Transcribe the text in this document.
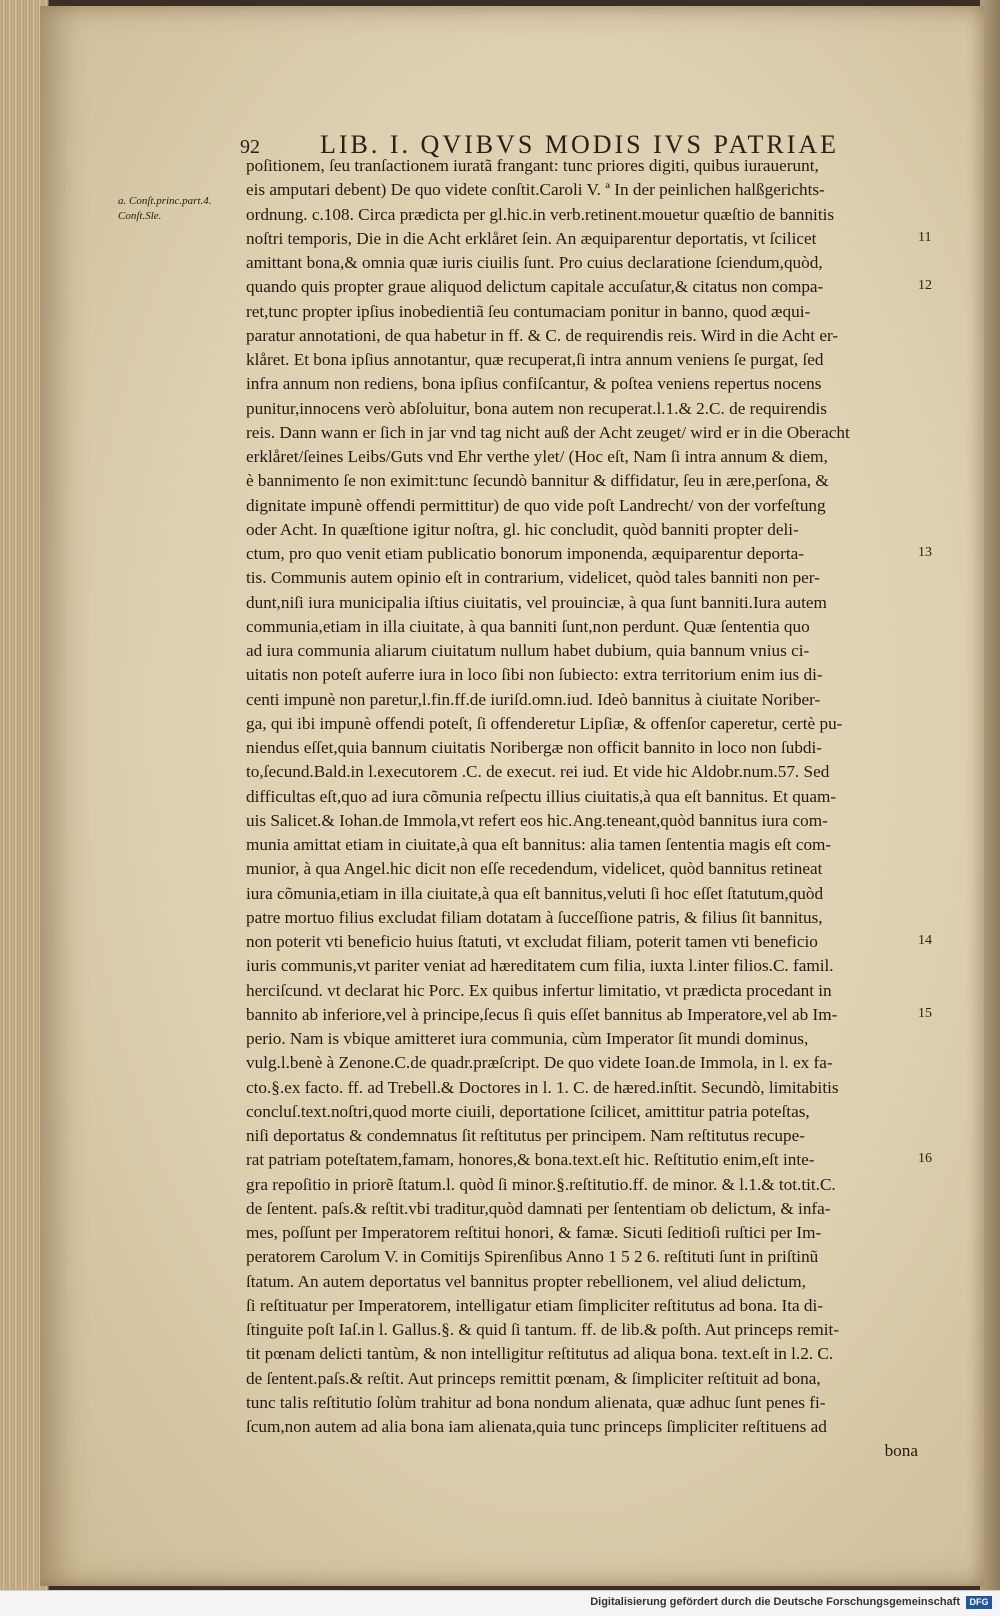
92 LIB. I. QVIBVS MODIS IVS PATRIAE
a. Conſt.princ.part.4.
Conſt.Sle.
poſitionem, ſeu tranſactionem iuratã frangant: tunc priores digiti, quibus iurauerunt,
eis amputari debent) De quo videte conſtit.Caroli V. ª In der peinlichen halßgerichts-
ordnung. c.108. Circa prædicta per gl.hic.in verb.retinent.mouetur quæſtio de bannitis
noſtri temporis, Die in die Acht erklåret ſein. An æquiparentur deportatis, vt ſcilicet
amittant bona,& omnia quæ iuris ciuilis ſunt. Pro cuius declaratione ſciendum,quòd,
quando quis propter graue aliquod delictum capitale accuſatur,& citatus non compa-
ret,tunc propter ipſius inobedientiã ſeu contumaciam ponitur in banno, quod æqui-
paratur annotationi, de qua habetur in ff. & C. de requirendis reis. Wird in die Acht er-
klåret. Et bona ipſius annotantur, quæ recuperat,ſi intra annum veniens ſe purgat, ſed
infra annum non rediens, bona ipſius confiſcantur, & poſtea veniens repertus nocens
punitur,innocens verò abſoluitur, bona autem non recuperat.l.1.& 2.C. de requirendis
reis. Dann wann er ſich in jar vnd tag nicht auß der Acht zeuget/ wird er in die Oberacht
erklåret/ſeines Leibs/Guts vnd Ehr verthe ylet/ (Hoc eſt, Nam ſi intra annum & diem,
è bannimento ſe non eximit:tunc ſecundò bannitur & diffidatur, ſeu in ære,perſona, &
dignitate impunè offendi permittitur) de quo vide poſt Landrecht/ von der vorfeſtung
oder Acht. In quæſtione igitur noſtra, gl. hic concludit, quòd banniti propter deli-
ctum, pro quo venit etiam publicatio bonorum imponenda, æquiparentur deporta-
tis. Communis autem opinio eſt in contrarium, videlicet, quòd tales banniti non per-
dunt,niſi iura municipalia iſtius ciuitatis, vel prouinciæ, à qua ſunt banniti.Iura autem
communia,etiam in illa ciuitate, à qua banniti ſunt,non perdunt. Quæ ſententia quo
ad iura communia aliarum ciuitatum nullum habet dubium, quia bannum vnius ci-
uitatis non poteſt auferre iura in loco ſibi non ſubiecto: extra territorium enim ius di-
centi impunè non paretur,l.fin.ff.de iuriſd.omn.iud. Ideò bannitus à ciuitate Noriber-
ga, qui ibi impunè offendi poteſt, ſi offenderetur Lipſiæ, & offenſor caperetur, certè pu-
niendus eſſet,quia bannum ciuitatis Noribergæ non officit bannito in loco non ſubdi-
to,ſecund.Bald.in l.executorem .C. de execut. rei iud. Et vide hic Aldobr.num.57. Sed
difficultas eſt,quo ad iura cõmunia reſpectu illius ciuitatis,à qua eſt bannitus. Et quam-
uis Salicet.& Iohan.de Immola,vt refert eos hic.Ang.teneant,quòd bannitus iura com-
munia amittat etiam in ciuitate,à qua eſt bannitus: alia tamen ſententia magis eſt com-
munior, à qua Angel.hic dicit non eſſe recedendum, videlicet, quòd bannitus retineat
iura cõmunia,etiam in illa ciuitate,à qua eſt bannitus,veluti ſi hoc eſſet ſtatutum,quòd
patre mortuo filius excludat filiam dotatam à ſucceſſione patris, & filius ſit bannitus,
non poterit vti beneficio huius ſtatuti, vt excludat filiam, poterit tamen vti beneficio
iuris communis,vt pariter veniat ad hæreditatem cum filia, iuxta l.inter filios.C. famil.
herciſcund. vt declarat hic Porc. Ex quibus infertur limitatio, vt prædicta procedant in
bannito ab inferiore,vel à principe,ſecus ſi quis eſſet bannitus ab Imperatore,vel ab Im-
perio. Nam is vbique amitteret iura communia, cùm Imperator ſit mundi dominus,
vulg.l.benè à Zenone.C.de quadr.præſcript. De quo videte Ioan.de Immola, in l. ex fa-
cto.§.ex facto. ff. ad Trebell.& Doctores in l. 1. C. de hæred.inſtit. Secundò, limitabitis
concluſ.text.noſtri,quod morte ciuili, deportatione ſcilicet, amittitur patria poteſtas,
niſi deportatus & condemnatus ſit reſtitutus per principem. Nam reſtitutus recupe-
rat patriam poteſtatem,famam, honores,& bona.text.eſt hic. Reſtitutio enim,eſt inte-
gra repoſitio in priorẽ ſtatum.l. quòd ſi minor.§.reſtitutio.ff. de minor. & l.1.& tot.tit.C.
de ſentent. paſs.& reſtit.vbi traditur,quòd damnati per ſententiam ob delictum, & infa-
mes, poſſunt per Imperatorem reſtitui honori, & famæ. Sicuti ſeditioſi ruſtici per Im-
peratorem Carolum V. in Comitijs Spirenſibus Anno 1 5 2 6. reſtituti ſunt in priſtinũ
ſtatum. An autem deportatus vel bannitus propter rebellionem, vel aliud delictum,
ſi reſtituatur per Imperatorem, intelligatur etiam ſimpliciter reſtitutus ad bona. Ita di-
ſtinguite poſt Iaſ.in l. Gallus.§. & quid ſi tantum. ff. de lib.& poſth. Aut princeps remit-
tit pœnam delicti tantùm, & non intelligitur reſtitutus ad aliqua bona. text.eſt in l.2. C.
de ſentent.paſs.& reſtit. Aut princeps remittit pœnam, & ſimpliciter reſtituit ad bona,
tunc talis reſtitutio ſolùm trahitur ad bona nondum alienata, quæ adhuc ſunt penes fi-
ſcum,non autem ad alia bona iam alienata,quia tunc princeps ſimpliciter reſtituens ad
bona
11
12
13
14
15
16
Digitalisierung gefördert durch die Deutsche Forschungsgemeinschaft	DFG
